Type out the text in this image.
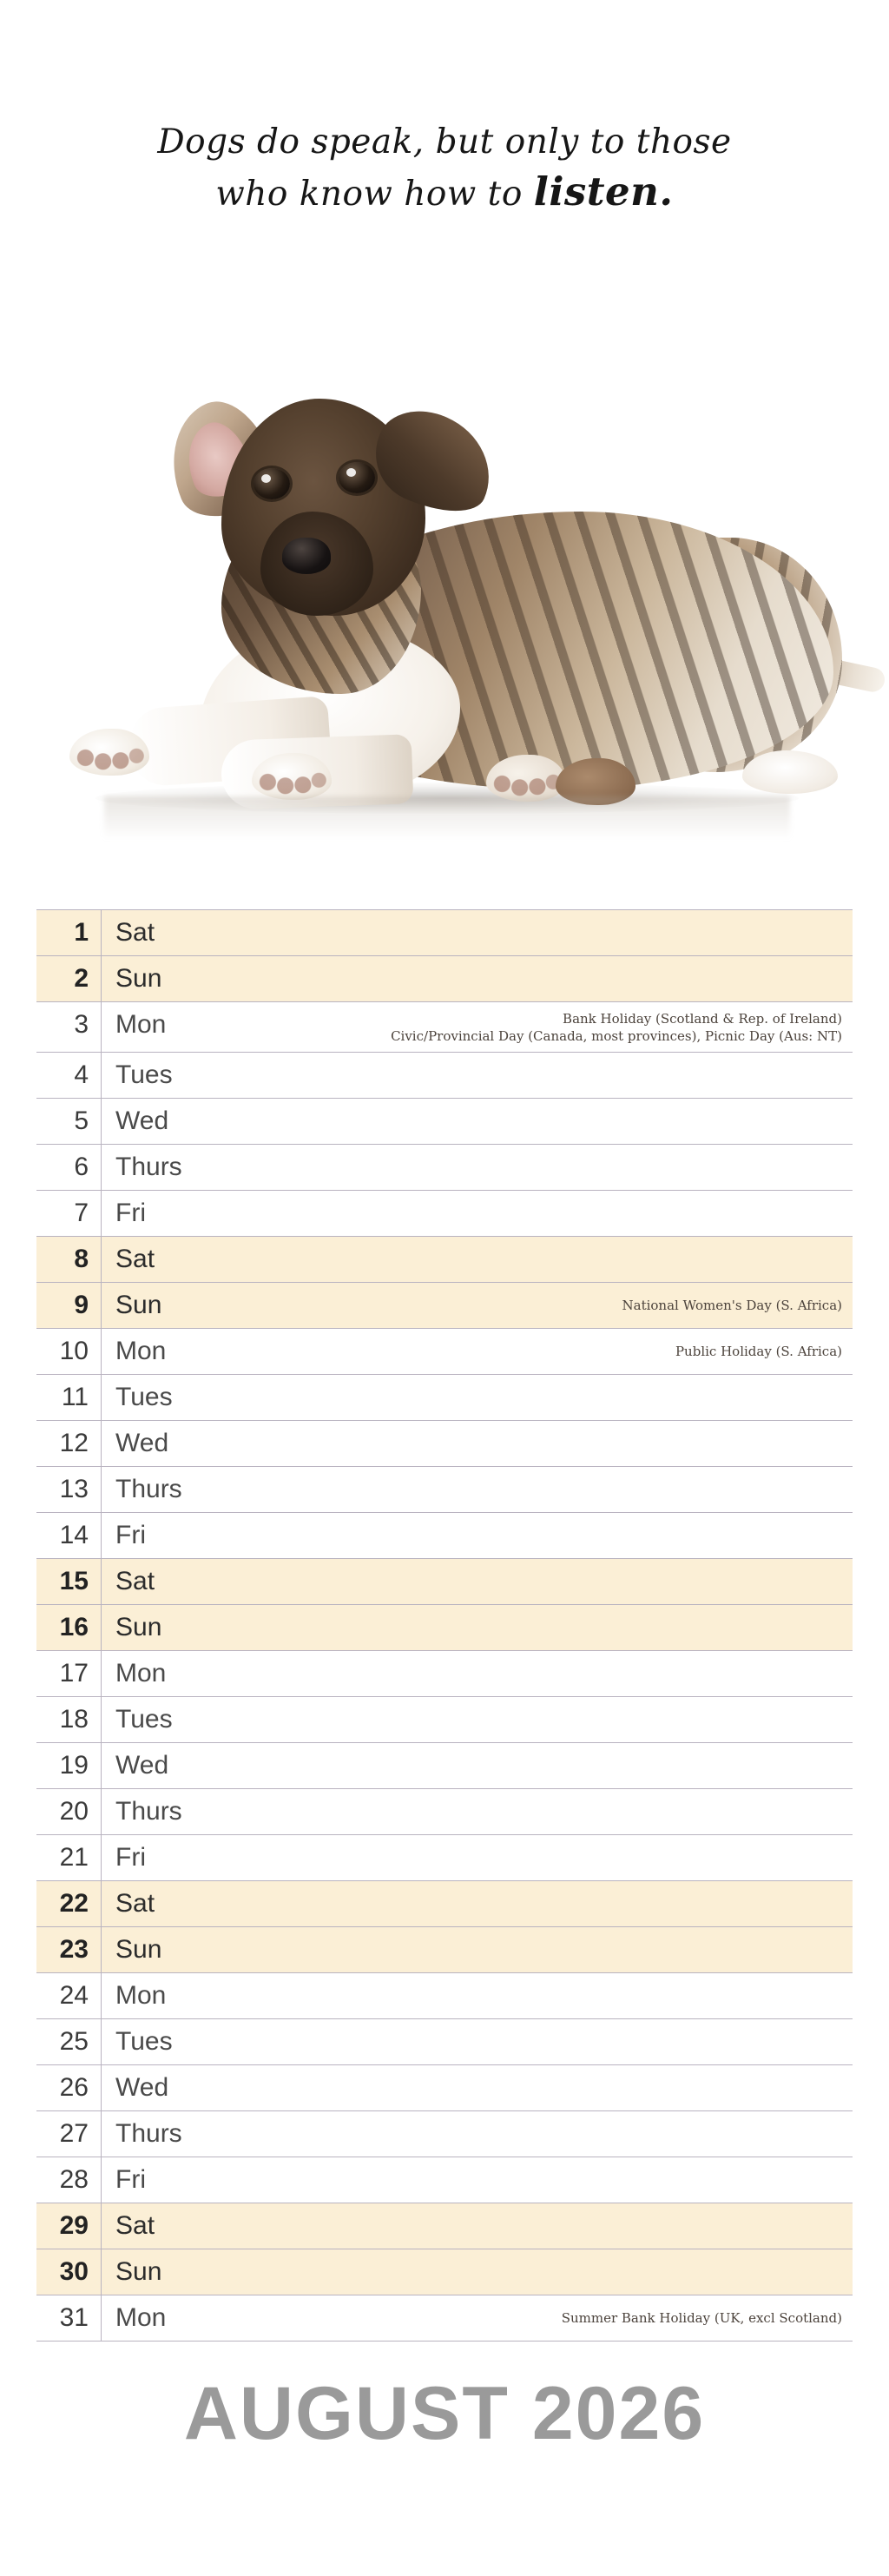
Dogs do speak, but only to those
who know how to listen.
1	Sat
2	Sun
3	Mon	Bank Holiday (Scotland & Rep. of Ireland)
Civic/Provincial Day (Canada, most provinces), Picnic Day (Aus: NT)
4	Tues
5	Wed
6	Thurs
7	Fri
8	Sat
9	Sun	National Women's Day (S. Africa)
10	Mon	Public Holiday (S. Africa)
11	Tues
12	Wed
13	Thurs
14	Fri
15	Sat
16	Sun
17	Mon
18	Tues
19	Wed
20	Thurs
21	Fri
22	Sat
23	Sun
24	Mon
25	Tues
26	Wed
27	Thurs
28	Fri
29	Sat
30	Sun
31	Mon	Summer Bank Holiday (UK, excl Scotland)
AUGUST 2026
